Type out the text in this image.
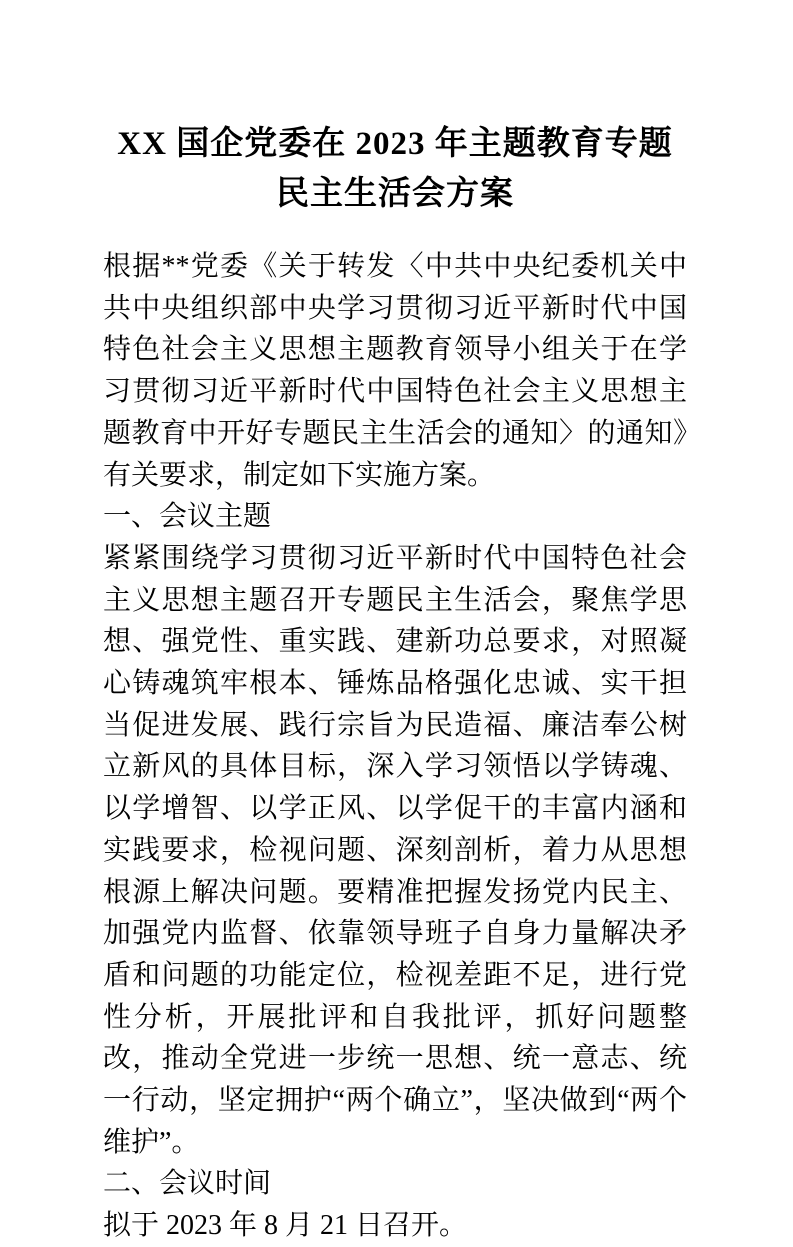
XX 国企党委在 2023 年主题教育专题民主生活会方案

根据**党委《关于转发〈中共中央纪委机关中共中央组织部中央学习贯彻习近平新时代中国特色社会主义思想主题教育领导小组关于在学习贯彻习近平新时代中国特色社会主义思想主题教育中开好专题民主生活会的通知〉的通知》有关要求，制定如下实施方案。

一、会议主题

紧紧围绕学习贯彻习近平新时代中国特色社会主义思想主题召开专题民主生活会，聚焦学思想、强党性、重实践、建新功总要求，对照凝心铸魂筑牢根本、锤炼品格强化忠诚、实干担当促进发展、践行宗旨为民造福、廉洁奉公树立新风的具体目标，深入学习领悟以学铸魂、以学增智、以学正风、以学促干的丰富内涵和实践要求，检视问题、深刻剖析，着力从思想根源上解决问题。要精准把握发扬党内民主、加强党内监督、依靠领导班子自身力量解决矛盾和问题的功能定位，检视差距不足，进行党性分析，开展批评和自我批评，抓好问题整改，推动全党进一步统一思想、统一意志、统一行动，坚定拥护“两个确立”，坚决做到“两个维护”。

二、会议时间

拟于 2023 年 8 月 21 日召开。
